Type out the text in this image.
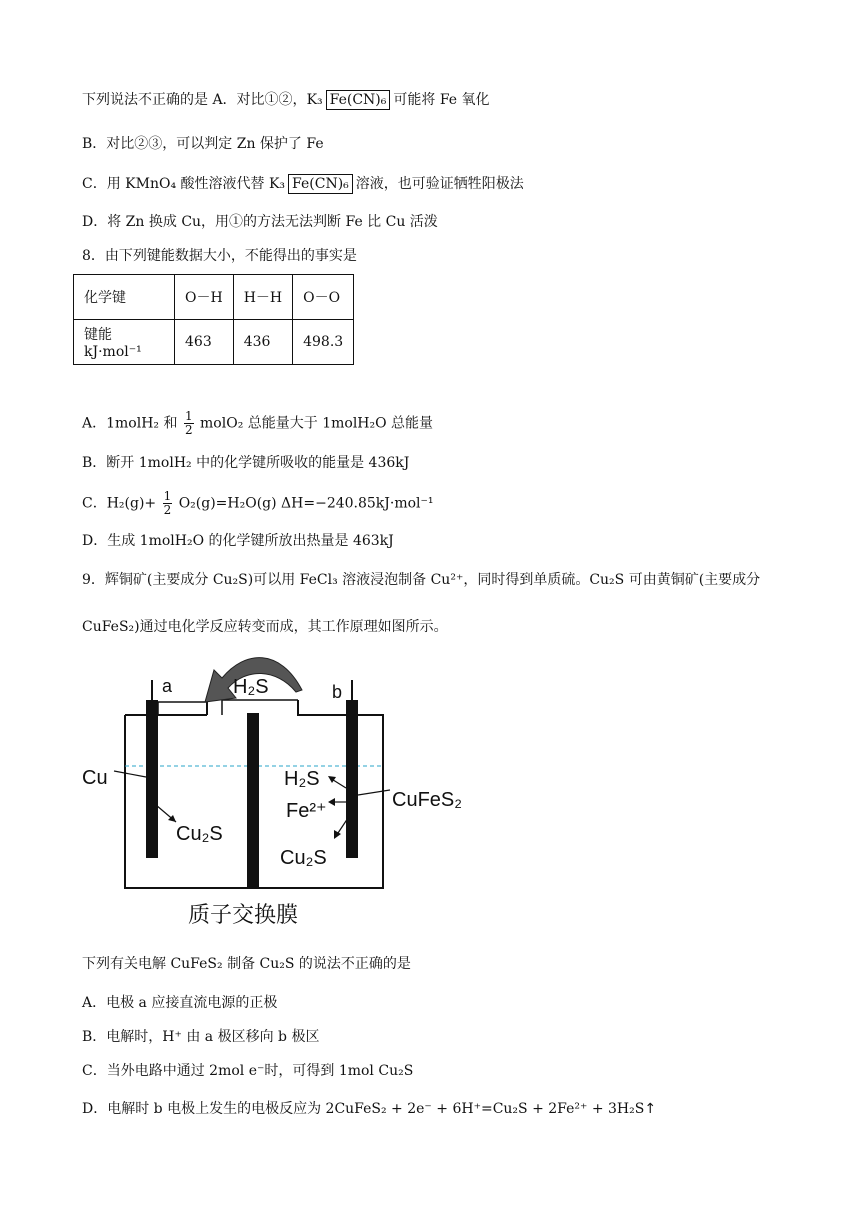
下列说法不正确的是 A．对比①②，K₃ Fe(CN)₆ 可能将 Fe 氧化
B．对比②③，可以判定 Zn 保护了 Fe
C．用 KMnO₄ 酸性溶液代替 K₃ Fe(CN)₆ 溶液，也可验证牺牲阳极法
D．将 Zn 换成 Cu，用①的方法无法判断 Fe 比 Cu 活泼
8．由下列键能数据大小，不能得出的事实是
化学键	O－H	H－H	O－O
键能 kJ·mol⁻¹	463	436	498.3
A．1molH₂ 和 $\frac{1}{2}$ molO₂ 总能量大于 1molH₂O 总能量
B．断开 1molH₂ 中的化学键所吸收的能量是 436kJ
C．$H_2(g)+ \frac{1}{2} O_2(g)=H_2O(g)$ ΔH=−240.85kJ·mol⁻¹
D．生成 1molH₂O 的化学键所放出热量是 463kJ
9．辉铜矿(主要成分 Cu₂S)可以用 FeCl₃ 溶液浸泡制备 Cu²⁺，同时得到单质硫。Cu₂S 可由黄铜矿(主要成分
CuFeS₂)通过电化学反应转变而成，其工作原理如图所示。
a	b
H₂S
Cu
Cu₂S
H₂S
Fe²⁺	CuFeS₂
Cu₂S
质子交换膜
下列有关电解 CuFeS₂ 制备 Cu₂S 的说法不正确的是
A．电极 a 应接直流电源的正极
B．电解时，H⁺ 由 a 极区移向 b 极区
C．当外电路中通过 2mol e⁻时，可得到 1mol Cu₂S
D．电解时 b 电极上发生的电极反应为 2CuFeS₂ + 2e⁻ + 6H⁺=Cu₂S + 2Fe²⁺ + 3H₂S↑
